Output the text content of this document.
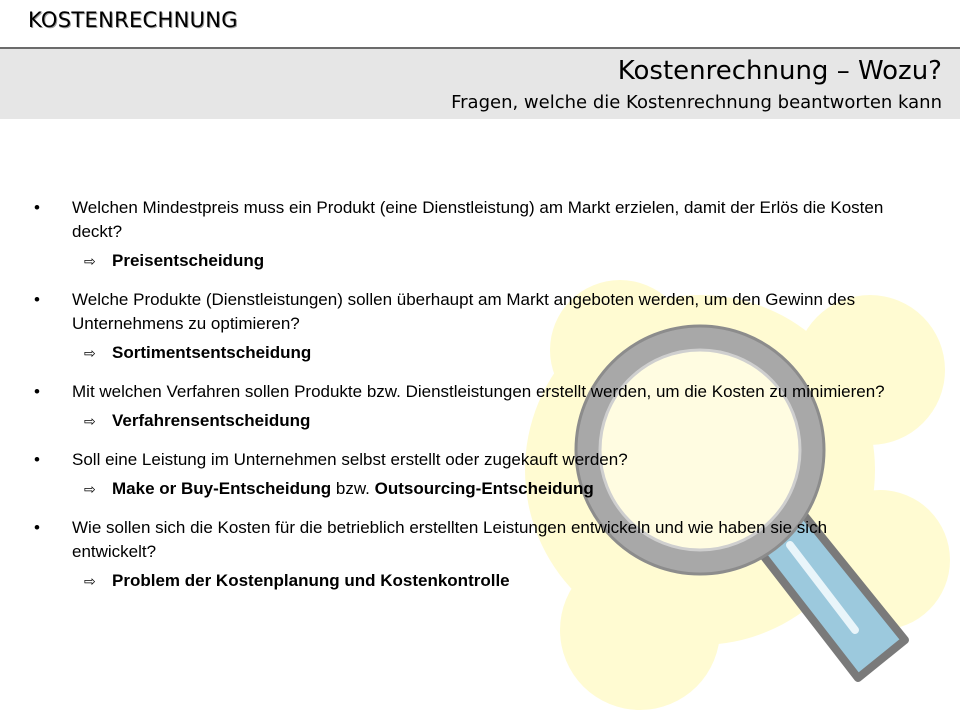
KOSTENRECHNUNG
Kostenrechnung – Wozu?

Fragen, welche die Kostenrechnung beantworten kann

• Welchen Mindestpreis muss ein Produkt (eine Dienstleistung) am Markt erzielen, damit der Erlös die Kosten deckt?

⇨ Preisentscheidung
• Welche Produkte (Dienstleistungen) sollen überhaupt am Markt angeboten werden, um den Gewinn des Unternehmens zu optimieren?

⇨ Sortimentsentscheidung
• Mit welchen Verfahren sollen Produkte bzw. Dienstleistungen erstellt werden, um die Kosten zu minimieren?

⇨ Verfahrensentscheidung
• Soll eine Leistung im Unternehmen selbst erstellt oder zugekauft werden?

⇨ Make or Buy-Entscheidung bzw. Outsourcing-Entscheidung
• Wie sollen sich die Kosten für die betrieblich erstellten Leistungen entwickeln und wie haben sie sich entwickelt?

⇨ Problem der Kostenplanung und Kostenkontrolle
